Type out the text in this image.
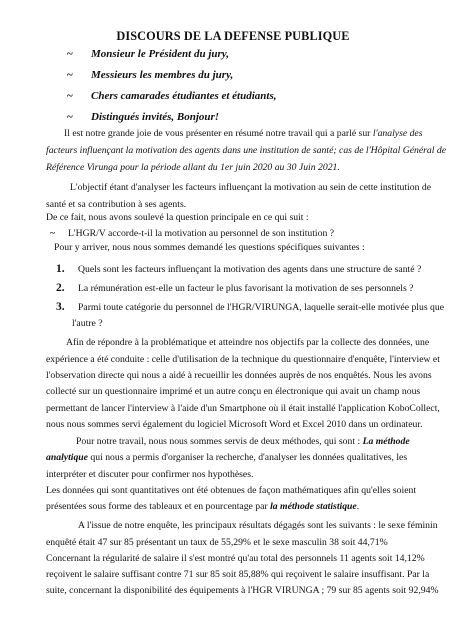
DISCOURS DE LA DEFENSE PUBLIQUE
~ Monsieur le Président du jury,
~ Messieurs les membres du jury,
~ Chers camarades étudiantes et étudiants,
~ Distingués invités, Bonjour!
Il est notre grande joie de vous présenter en résumé notre travail qui a parlé sur l'analyse des
facteurs influençant la motivation des agents dans une institution de santé; cas de l'Hôpital Général de
Référence Virunga pour la période allant du 1er juin 2020 au 30 Juin 2021.
L'objectif étant d'analyser les facteurs influençant la motivation au sein de cette institution de
santé et sa contribution à ses agents.
De ce fait, nous avons soulevé la question principale en ce qui suit :
~ L'HGR/V accorde-t-il la motivation au personnel de son institution ?
Pour y arriver, nous nous sommes demandé les questions spécifiques suivantes :
1. Quels sont les facteurs influençant la motivation des agents dans une structure de santé ?
2. La rémunération est-elle un facteur le plus favorisant la motivation de ses personnels ?
3. Parmi toute catégorie du personnel de l'HGR/VIRUNGA, laquelle serait-elle motivée plus que
l'autre ?
Afin de répondre à la problématique et atteindre nos objectifs par la collecte des données, une
expérience a été conduite : celle d'utilisation de la technique du questionnaire d'enquête, l'interview et
l'observation directe qui nous a aidé à recueillir les données auprès de nos enquêtés. Nous les avons
collecté sur un questionnaire imprimé et un autre conçu en électronique qui avait un champ nous
permettant de lancer l'interview à l'aide d'un Smartphone où il était installé l'application KoboCollect,
nous nous sommes servi également du logiciel Microsoft Word et Excel 2010 dans un ordinateur.
Pour notre travail, nous nous sommes servis de deux méthodes, qui sont : La méthode
analytique qui nous a permis d'organiser la recherche, d'analyser les données qualitatives, les
interpréter et discuter pour confirmer nos hypothèses.
Les données qui sont quantitatives ont été obtenues de façon mathématiques afin qu'elles soient
présentées sous forme des tableaux et en pourcentage par la méthode statistique.
A l'issue de notre enquête, les principaux résultats dégagés sont les suivants : le sexe féminin
enquêté était 47 sur 85 présentant un taux de 55,29% et le sexe masculin 38 soit 44,71%
Concernant la régularité de salaire il s'est montré qu'au total des personnels 11 agents soit 14,12%
reçoivent le salaire suffisant contre 71 sur 85 soit 85,88% qui reçoivent le salaire insuffisant. Par la
suite, concernant la disponibilité des équipements à l'HGR VIRUNGA ; 79 sur 85 agents soit 92,94%
